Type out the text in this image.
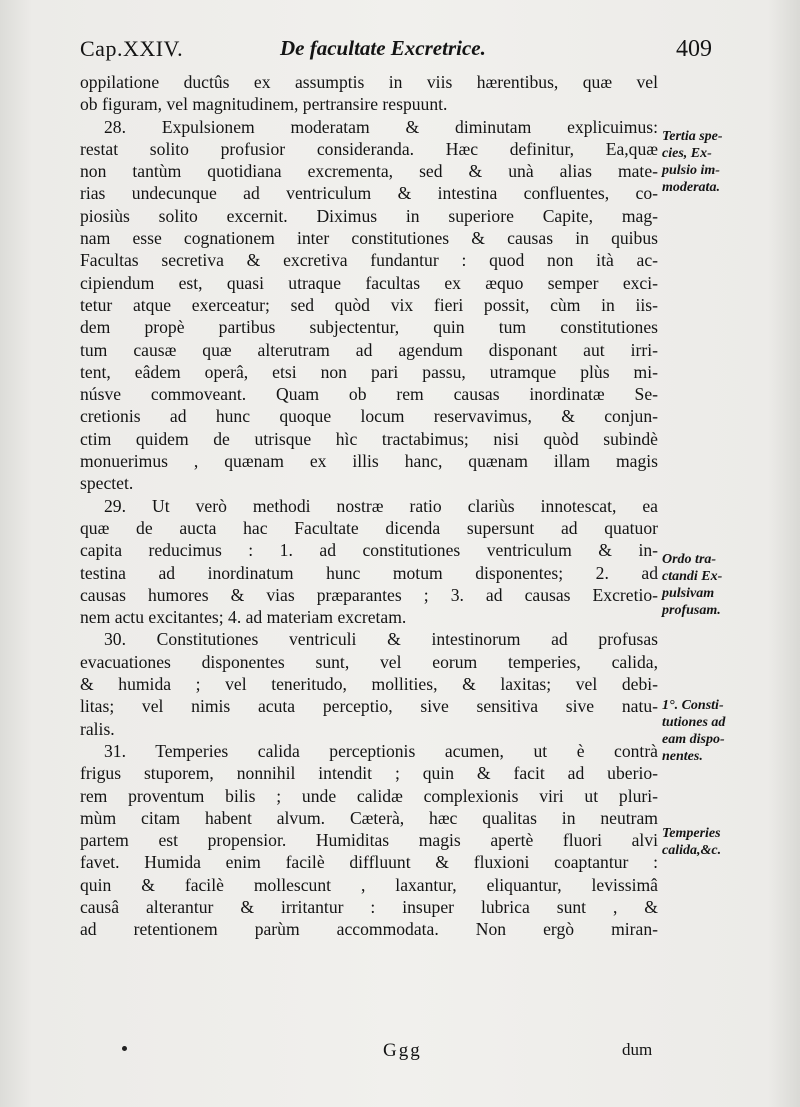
Cap.XXIV.	De facultate Excretrice.	409

oppilatione ductûs ex assumptis in viis hærentibus, quæ vel
ob figuram, vel magnitudinem, pertransire respuunt.

28. Expulsionem moderatam & diminutam explicuimus:
restat solito profusior consideranda. Hæc definitur, Ea,quæ
non tantùm quotidiana excrementa, sed & unà alias mate-
rias undecunque ad ventriculum & intestina confluentes, co-
piosiùs solito excernit. Diximus in superiore Capite, mag-
nam esse cognationem inter constitutiones & causas in quibus
Facultas secretiva & excretiva fundantur : quod non ità ac-
cipiendum est, quasi utraque facultas ex æquo semper exci-
tetur atque exerceatur; sed quòd vix fieri possit, cùm in iis-
dem propè partibus subjectentur, quin tum constitutiones
tum causæ quæ alterutram ad agendum disponant aut irri-
tent, eâdem operâ, etsi non pari passu, utramque plùs mi-
núsve commoveant. Quam ob rem causas inordinatæ Se-
cretionis ad hunc quoque locum reservavimus, & conjun-
ctim quidem de utrisque hìc tractabimus; nisi quòd subindè
monuerimus , quænam ex illis hanc, quænam illam magis
spectet.

29. Ut verò methodi nostræ ratio clariùs innotescat, ea
quæ de aucta hac Facultate dicenda supersunt ad quatuor
capita reducimus : 1. ad constitutiones ventriculum & in-
testina ad inordinatum hunc motum disponentes; 2. ad
causas humores & vias præparantes ; 3. ad causas Excretio-
nem actu excitantes; 4. ad materiam excretam.

30. Constitutiones ventriculi & intestinorum ad profusas
evacuationes disponentes sunt, vel eorum temperies, calida,
& humida ; vel teneritudo, mollities, & laxitas; vel debi-
litas; vel nimis acuta perceptio, sive sensitiva sive natu-
ralis.

31. Temperies calida perceptionis acumen, ut è contrà
frigus stuporem, nonnihil intendit ; quin & facit ad uberio-
rem proventum bilis ; unde calidæ complexionis viri ut pluri-
mùm citam habent alvum. Cæterà, hæc qualitas in neutram
partem est propensior. Humiditas magis apertè fluori alvi
favet. Humida enim facilè diffluunt & fluxioni coaptantur :
quin & facilè mollescunt , laxantur, eliquantur, levissimâ
causâ alterantur & irritantur : insuper lubrica sunt , &
ad retentionem parùm accommodata. Non ergò miran-

Tertia spe-
cies, Ex-
pulsio im-
moderata.
Ordo tra-
ctandi Ex-
pulsivam
profusam.
1°. Consti-
tutiones ad
eam dispo-
nentes.
Temperies
calida,&c.
Ggg	dum
